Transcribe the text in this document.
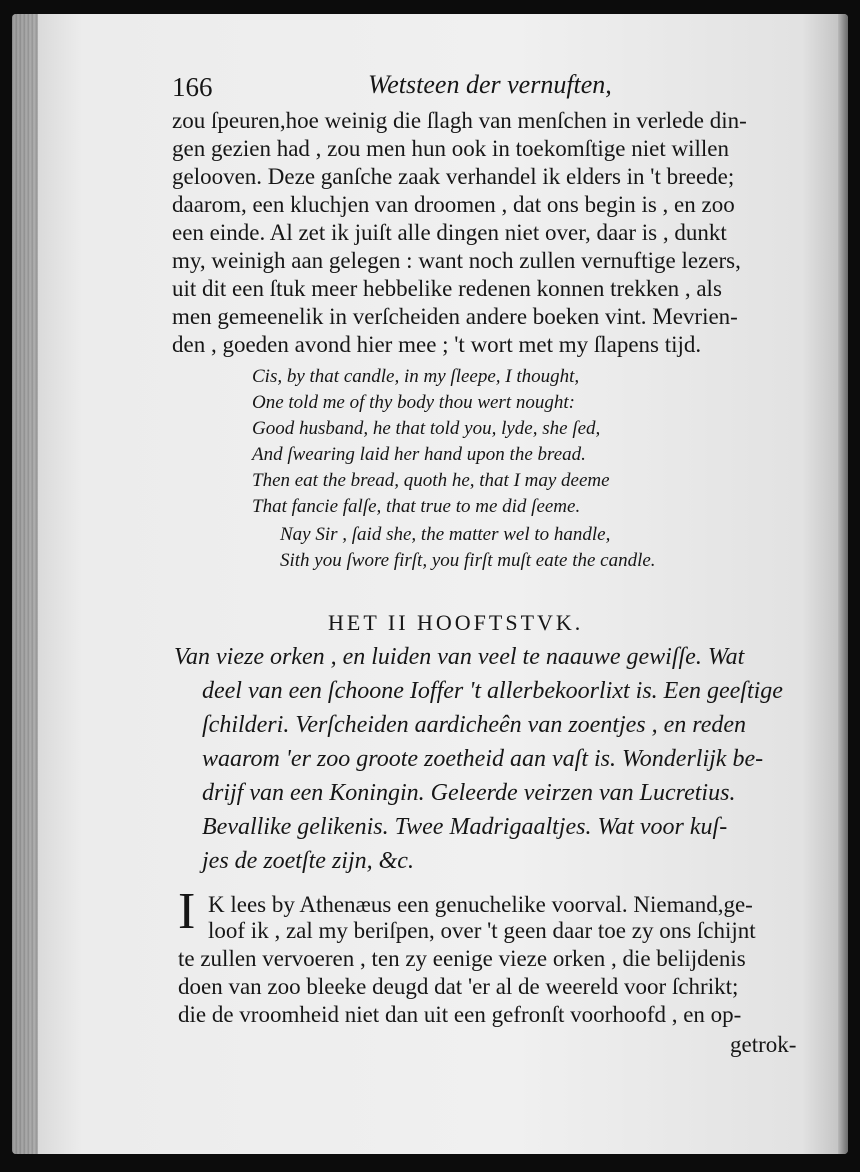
166	Wetsteen der vernuften,
zou ſpeuren,hoe weinig die ſlagh van menſchen in verlede din-
gen gezien had , zou men hun ook in toekomſtige niet willen
gelooven. Deze ganſche zaak verhandel ik elders in 't breede;
daarom, een kluchjen van droomen , dat ons begin is , en zoo
een einde. Al zet ik juiſt alle dingen niet over, daar is , dunkt
my, weinigh aan gelegen : want noch zullen vernuftige lezers,
uit dit een ſtuk meer hebbelike redenen konnen trekken , als
men gemeenelik in verſcheiden andere boeken vint. Mevrien-
den , goeden avond hier mee ; 't wort met my ſlapens tijd.
Cis, by that candle, in my ſleepe, I thought,
One told me of thy body thou wert nought:
Good husband, he that told you, lyde, she ſed,
And ſwearing laid her hand upon the bread.
Then eat the bread, quoth he, that I may deeme
That fancie falſe, that true to me did ſeeme.
Nay Sir , ſaid she, the matter wel to handle,
Sith you ſwore firſt, you firſt muſt eate the candle.
HET II HOOFTSTVK.
Van vieze orken , en luiden van veel te naauwe gewiſſe. Wat
deel van een ſchoone Ioffer 't allerbekoorlixt is. Een geeſtige
ſchilderi. Verſcheiden aardicheên van zoentjes , en reden
waarom 'er zoo groote zoetheid aan vaſt is. Wonderlijk be-
drijf van een Koningin. Geleerde veirzen van Lucretius.
Bevallike gelikenis. Twee Madrigaaltjes. Wat voor kuſ-
jes de zoetſte zijn, &c.
I K lees by Athenæus een genuchelike voorval. Niemand,ge-
loof ik , zal my beriſpen, over 't geen daar toe zy ons ſchijnt
te zullen vervoeren , ten zy eenige vieze orken , die belijdenis
doen van zoo bleeke deugd dat 'er al de weereld voor ſchrikt;
die de vroomheid niet dan uit een gefronſt voorhoofd , en op-
getrok-
